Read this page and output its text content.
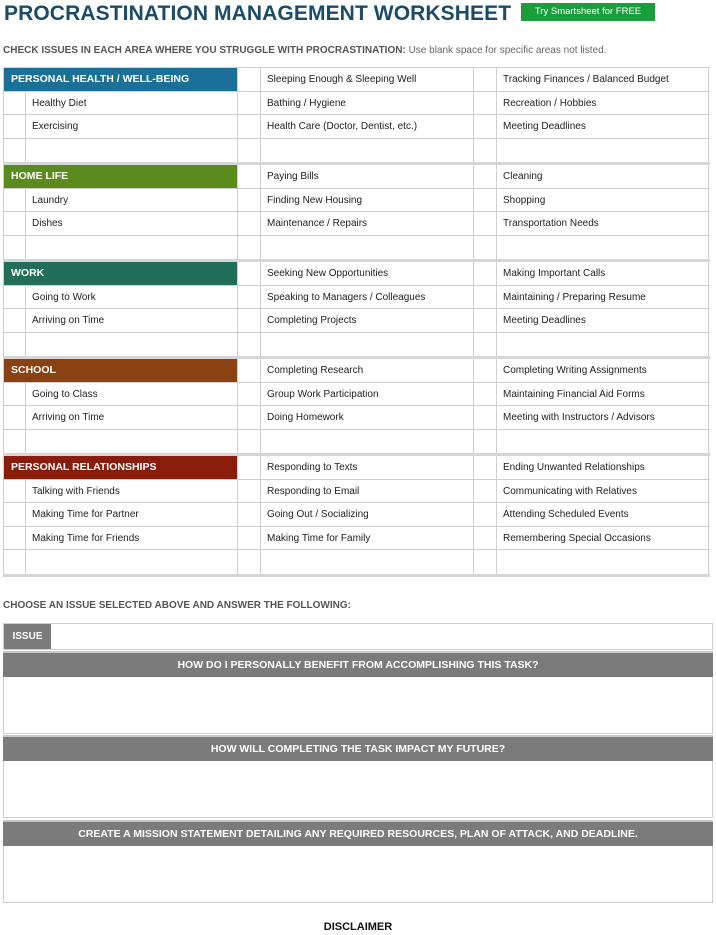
PROCRASTINATION MANAGEMENT WORKSHEET	Try Smartsheet for FREE
CHECK ISSUES IN EACH AREA WHERE YOU STRUGGLE WITH PROCRASTINATION: Use blank space for specific areas not listed.
PERSONAL HEALTH / WELL-BEING	Sleeping Enough & Sleeping Well	Tracking Finances / Balanced Budget
Healthy Diet	Bathing / Hygiene	Recreation / Hobbies
Exercising	Health Care (Doctor, Dentist, etc.)	Meeting Deadlines
HOME LIFE	Paying Bills	Cleaning
Laundry	Finding New Housing	Shopping
Dishes	Maintenance / Repairs	Transportation Needs
WORK	Seeking New Opportunities	Making Important Calls
Going to Work	Speaking to Managers / Colleagues	Maintaining / Preparing Resume
Arriving on Time	Completing Projects	Meeting Deadlines
SCHOOL	Completing Research	Completing Writing Assignments
Going to Class	Group Work Participation	Maintaining Financial Aid Forms
Arriving on Time	Doing Homework	Meeting with Instructors / Advisors
PERSONAL RELATIONSHIPS	Responding to Texts	Ending Unwanted Relationships
Talking with Friends	Responding to Email	Communicating with Relatives
Making Time for Partner	Going Out / Socializing	Attending Scheduled Events
Making Time for Friends	Making Time for Family	Remembering Special Occasions
CHOOSE AN ISSUE SELECTED ABOVE AND ANSWER THE FOLLOWING:
ISSUE
HOW DO I PERSONALLY BENEFIT FROM ACCOMPLISHING THIS TASK?
HOW WILL COMPLETING THE TASK IMPACT MY FUTURE?
CREATE A MISSION STATEMENT DETAILING ANY REQUIRED RESOURCES, PLAN OF ATTACK, AND DEADLINE.
DISCLAIMER
